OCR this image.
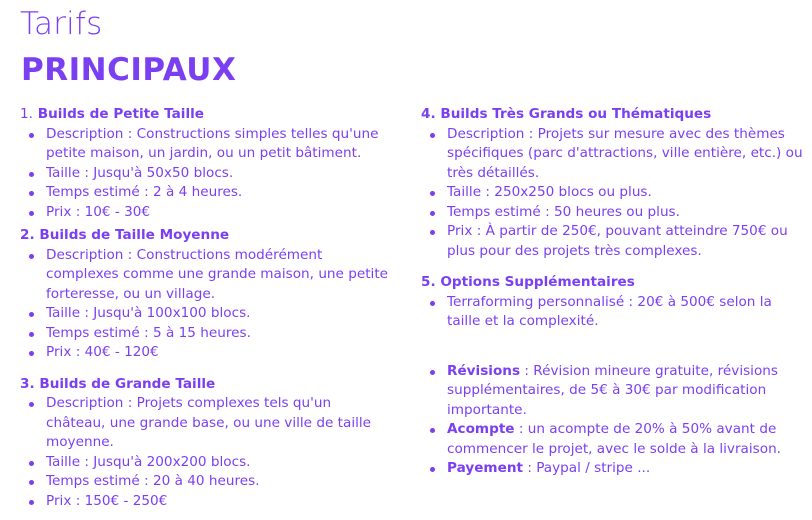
Tarifs
PRINCIPAUX
1. Builds de Petite Taille
Description : Constructions simples telles qu'une petite maison, un jardin, ou un petit bâtiment.
Taille : Jusqu'à 50x50 blocs.
Temps estimé : 2 à 4 heures.
Prix : 10€ - 30€
2. Builds de Taille Moyenne
Description : Constructions modérément complexes comme une grande maison, une petite forteresse, ou un village.
Taille : Jusqu'à 100x100 blocs.
Temps estimé : 5 à 15 heures.
Prix : 40€ - 120€
3. Builds de Grande Taille
Description : Projets complexes tels qu'un château, une grande base, ou une ville de taille moyenne.
Taille : Jusqu'à 200x200 blocs.
Temps estimé : 20 à 40 heures.
Prix : 150€ - 250€
4. Builds Très Grands ou Thématiques
Description : Projets sur mesure avec des thèmes spécifiques (parc d'attractions, ville entière, etc.) ou très détaillés.
Taille : 250x250 blocs ou plus.
Temps estimé : 50 heures ou plus.
Prix : À partir de 250€, pouvant atteindre 750€ ou plus pour des projets très complexes.
5. Options Supplémentaires
Terraforming personnalisé : 20€ à 500€ selon la taille et la complexité.
Révisions : Révision mineure gratuite, révisions supplémentaires, de 5€ à 30€ par modification importante.
Acompte : un acompte de 20% à 50% avant de commencer le projet, avec le solde à la livraison.
Payement : Paypal / stripe ...
